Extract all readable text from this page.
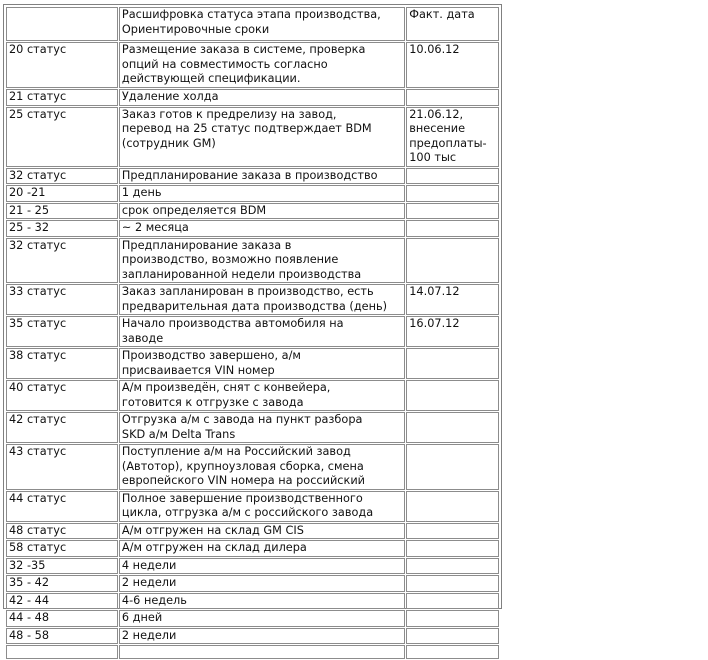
	Расшифровка статуса этапа производства,
Ориентировочные сроки	Факт. дата
20 статус	Размещение заказа в системе, проверка
опций на совместимость согласно
действующей спецификации.	10.06.12
21 статус	Удаление холда	
25 статус	Заказ готов к предрелизу на завод,
перевод на 25 статус подтверждает BDM
(сотрудник GM)	21.06.12,
внесение
предоплаты-
100 тыс
32 статус	Предпланирование заказа в производство	
20 -21	1 день	
21 - 25	срок определяется BDM	
25 - 32	~ 2 месяца	
32 статус	Предпланирование заказа в
производство, возможно появление
запланированной недели производства	
33 статус	Заказ запланирован в производство, есть
предварительная дата производства (день)	14.07.12
35 статус	Начало производства автомобиля на
заводе	16.07.12
38 статус	Производство завершено, а/м
присваивается VIN номер	
40 статус	А/м произведён, снят с конвейера,
готовится к отгрузке с завода	
42 статус	Отгрузка а/м с завода на пункт разбора
SKD а/м Delta Trans	
43 статус	Поступление а/м на Российский завод
(Автотор), крупноузловая сборка, смена
европейского VIN номера на российский	
44 статус	Полное завершение производственного
цикла, отгрузка а/м с российского завода	
48 статус	А/м отгружен на склад GM CIS	
58 статус	А/м отгружен на склад дилера	
32 -35	4 недели	
35 - 42	2 недели	
42 - 44	4-6 недель	
44 - 48	6 дней	
48 - 58	2 недели	
